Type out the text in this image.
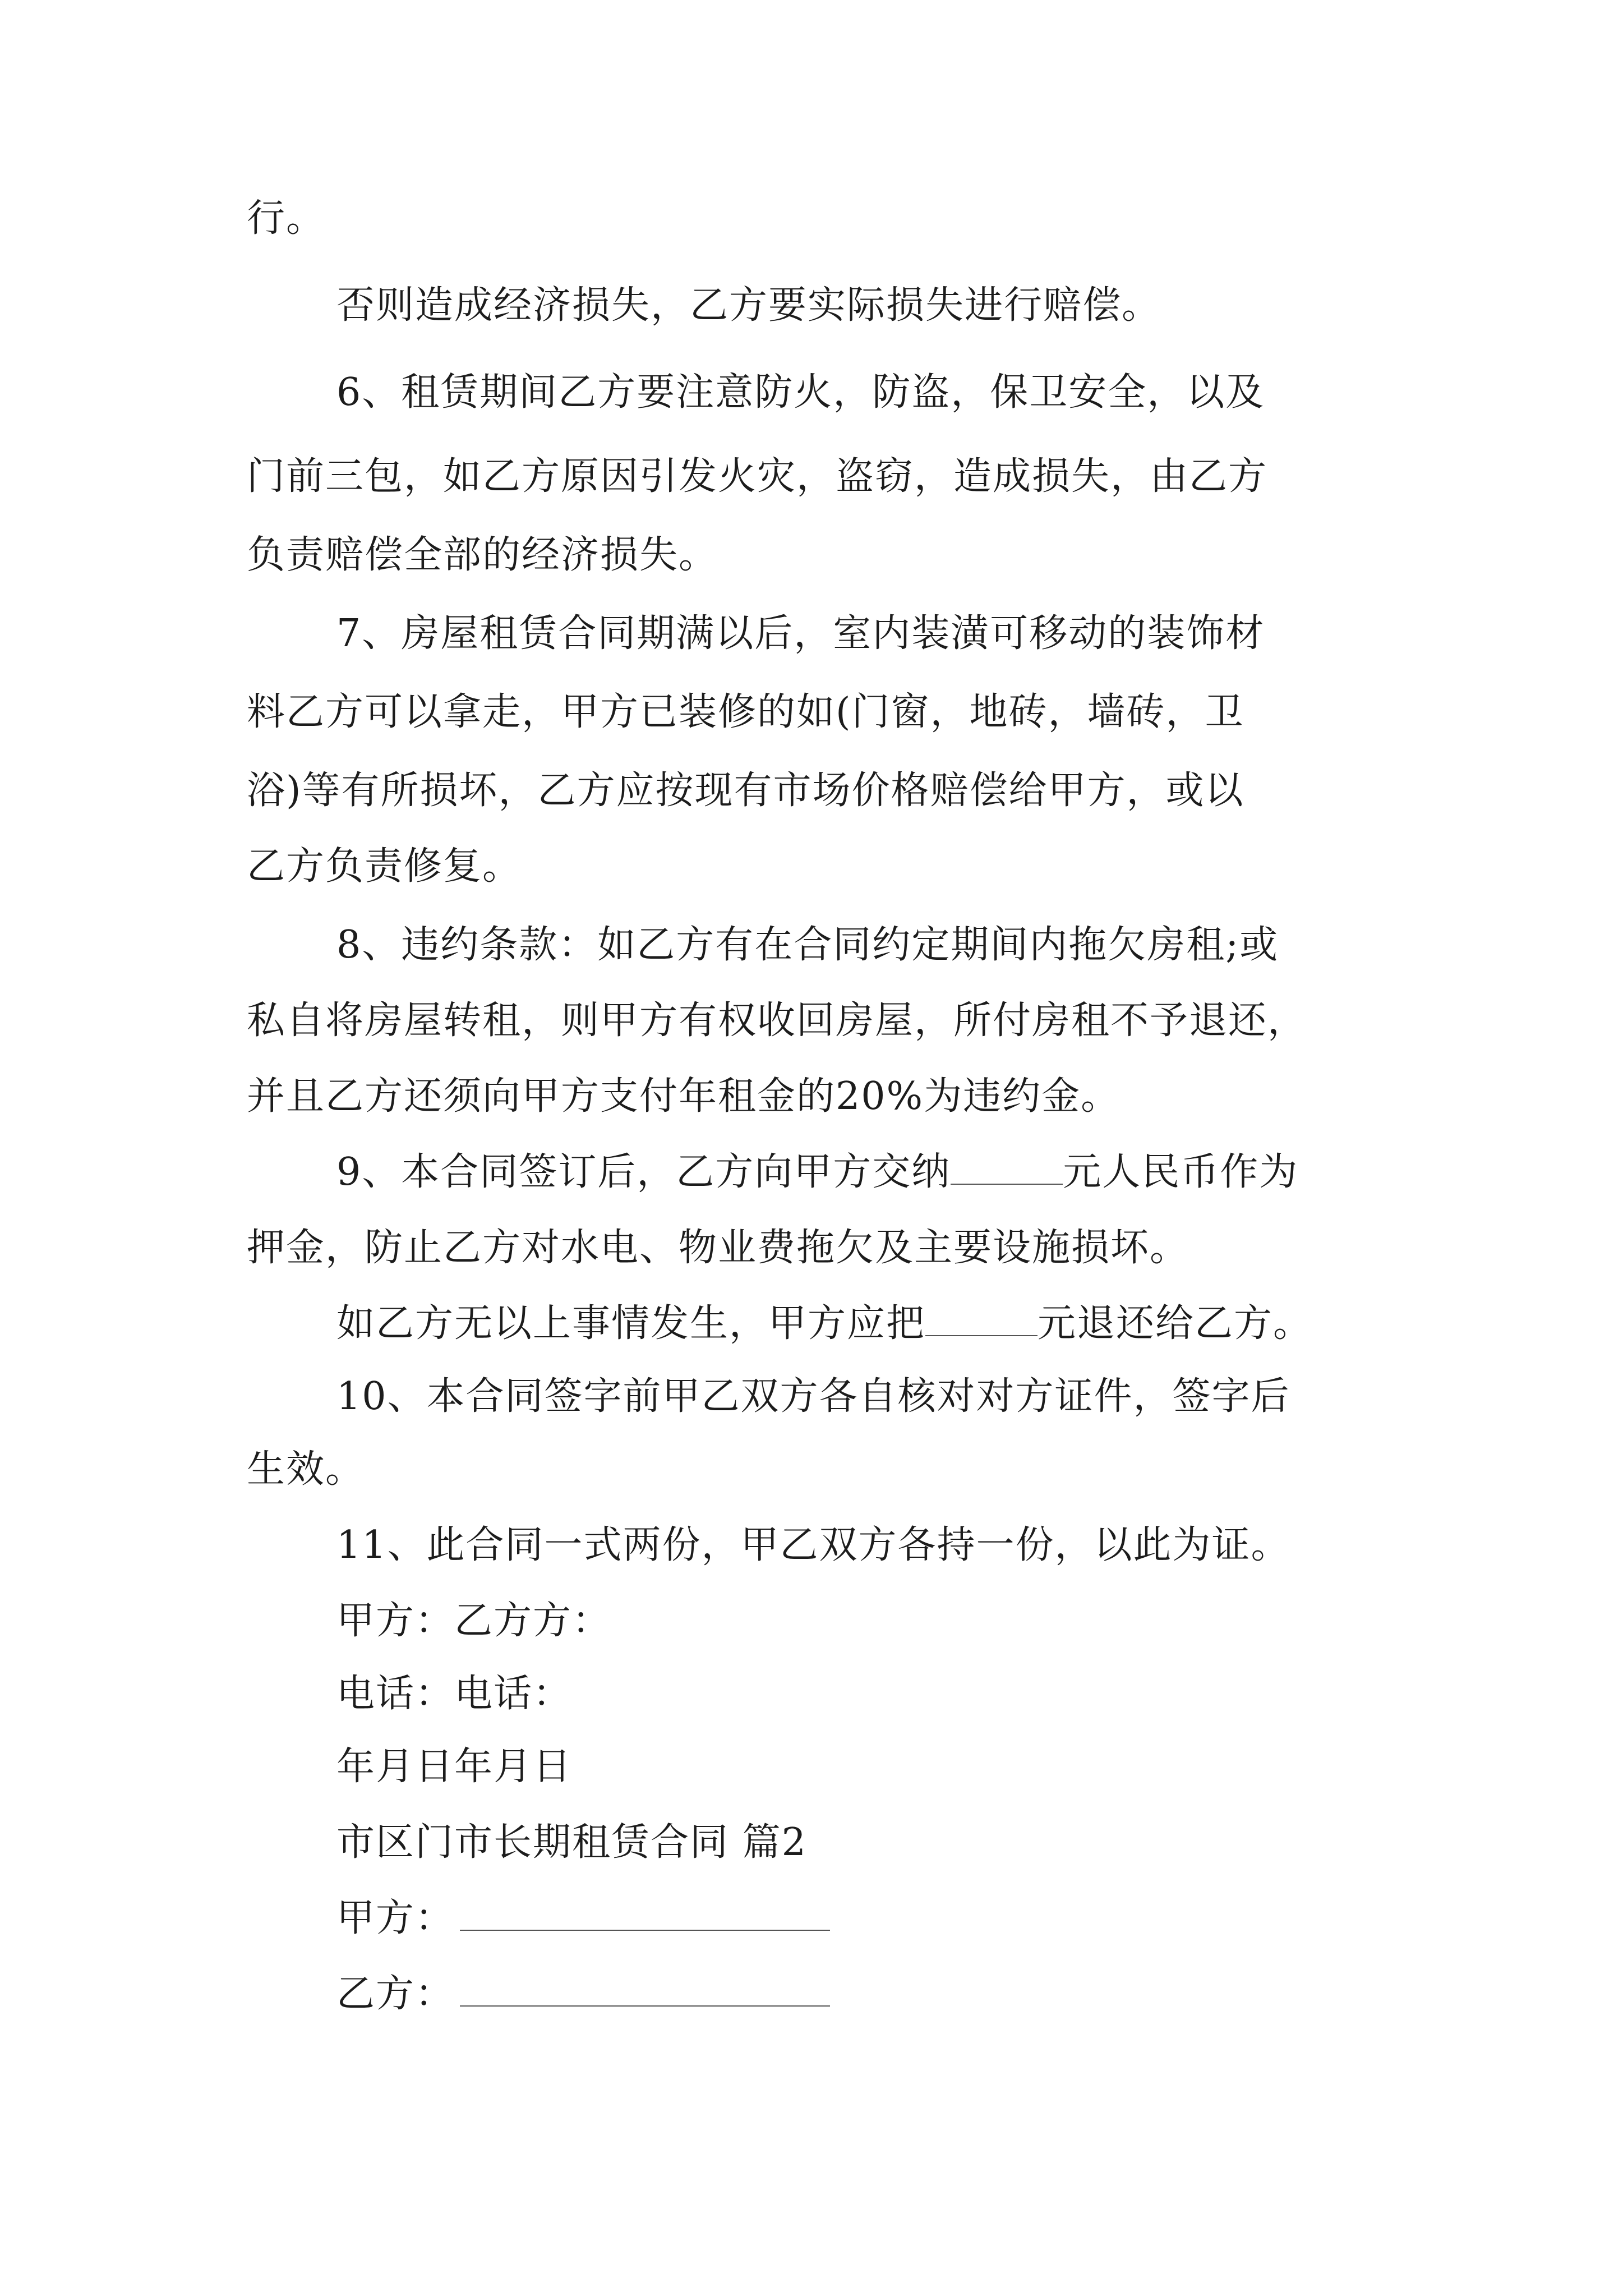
行。
否则造成经济损失，乙方要实际损失进行赔偿。
6、租赁期间乙方要注意防火，防盗，保卫安全，以及
门前三包，如乙方原因引发火灾，盗窃，造成损失，由乙方
负责赔偿全部的经济损失。
7、房屋租赁合同期满以后，室内装潢可移动的装饰材
料乙方可以拿走，甲方已装修的如(门窗，地砖，墙砖，卫
浴)等有所损坏，乙方应按现有市场价格赔偿给甲方，或以
乙方负责修复。
8、违约条款：如乙方有在合同约定期间内拖欠房租;或
私自将房屋转租，则甲方有权收回房屋，所付房租不予退还，
并且乙方还须向甲方支付年租金的20%为违约金。
9、本合同签订后，乙方向甲方交纳	元人民币作为
押金，防止乙方对水电、物业费拖欠及主要设施损坏。
如乙方无以上事情发生，甲方应把	元退还给乙方。
10、本合同签字前甲乙双方各自核对对方证件，签字后
生效。
11、此合同一式两份，甲乙双方各持一份，以此为证。
甲方：乙方方：
电话：电话：
年月日年月日
市区门市长期租赁合同 篇2
甲方：
乙方：
